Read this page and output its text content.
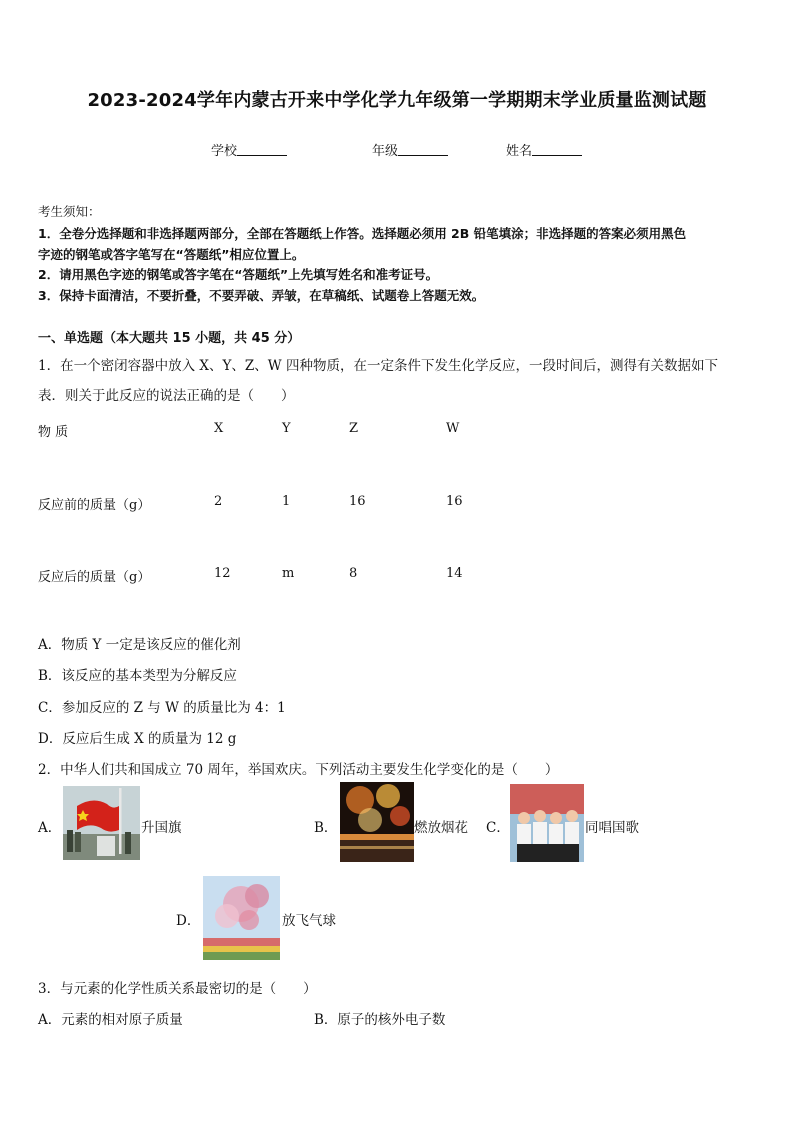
2023-2024学年内蒙古开来中学化学九年级第一学期期末学业质量监测试题
学校	年级	姓名
考生须知：
1．全卷分选择题和非选择题两部分，全部在答题纸上作答。选择题必须用 2B 铅笔填涂；非选择题的答案必须用黑色
字迹的钢笔或答字笔写在“答题纸”相应位置上。
2．请用黑色字迹的钢笔或答字笔在“答题纸”上先填写姓名和准考证号。
3．保持卡面清洁，不要折叠，不要弄破、弄皱，在草稿纸、试题卷上答题无效。
一、单选题（本大题共 15 小题，共 45 分）
1．在一个密闭容器中放入 X、Y、Z、W 四种物质，在一定条件下发生化学反应，一段时间后，测得有关数据如下
表．则关于此反应的说法正确的是（　　）
物 质	X	Y	Z	W
反应前的质量（g）	2	1	16	16
反应后的质量（g）	12	m	8	14
A．物质 Y 一定是该反应的催化剂
B．该反应的基本类型为分解反应
C．参加反应的 Z 与 W 的质量比为 4：1
D．反应后生成 X 的质量为 12 g
2．中华人们共和国成立 70 周年，举国欢庆。下列活动主要发生化学变化的是（　　）
A．	升国旗	B．	燃放烟花 C．	同唱国歌
D．	放飞气球
3．与元素的化学性质关系最密切的是（　　）
A．元素的相对原子质量	B．原子的核外电子数
